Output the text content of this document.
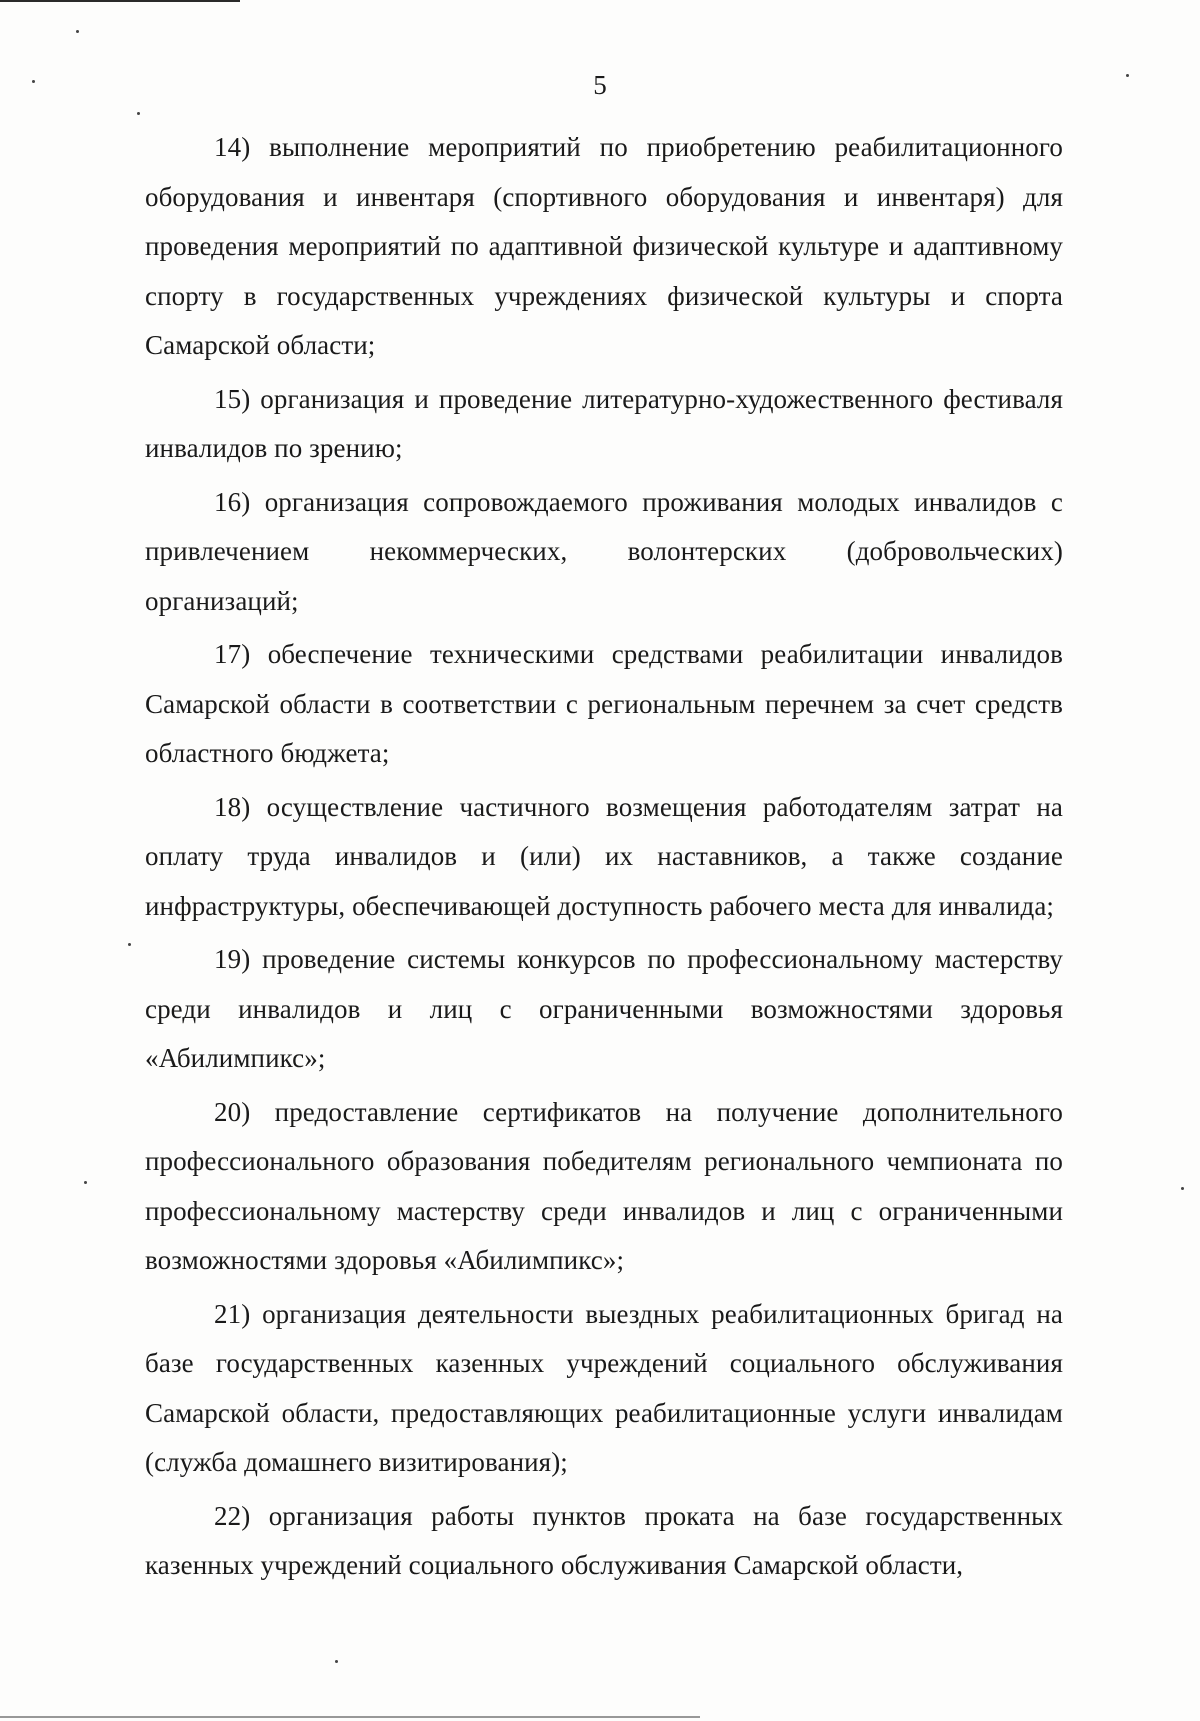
5

14) выполнение мероприятий по приобретению реабилитационного оборудования и инвентаря (спортивного оборудования и инвентаря) для проведения мероприятий по адаптивной физической культуре и адаптивному спорту в государственных учреждениях физической культуры и спорта Самарской области;

15) организация и проведение литературно-художественного фестиваля инвалидов по зрению;

16) организация сопровождаемого проживания молодых инвалидов с привлечением некоммерческих, волонтерских (добровольческих) организаций;

17) обеспечение техническими средствами реабилитации инвалидов Самарской области в соответствии с региональным перечнем за счет средств областного бюджета;

18) осуществление частичного возмещения работодателям затрат на оплату труда инвалидов и (или) их наставников, а также создание инфраструктуры, обеспечивающей доступность рабочего места для инвалида;

19) проведение системы конкурсов по профессиональному мастерству среди инвалидов и лиц с ограниченными возможностями здоровья «Абилимпикс»;

20) предоставление сертификатов на получение дополнительного профессионального образования победителям регионального чемпионата по профессиональному мастерству среди инвалидов и лиц с ограниченными возможностями здоровья «Абилимпикс»;

21) организация деятельности выездных реабилитационных бригад на базе государственных казенных учреждений социального обслуживания Самарской области, предоставляющих реабилитационные услуги инвалидам (служба домашнего визитирования);

22) организация работы пунктов проката на базе государственных казенных учреждений социального обслуживания Самарской области,
